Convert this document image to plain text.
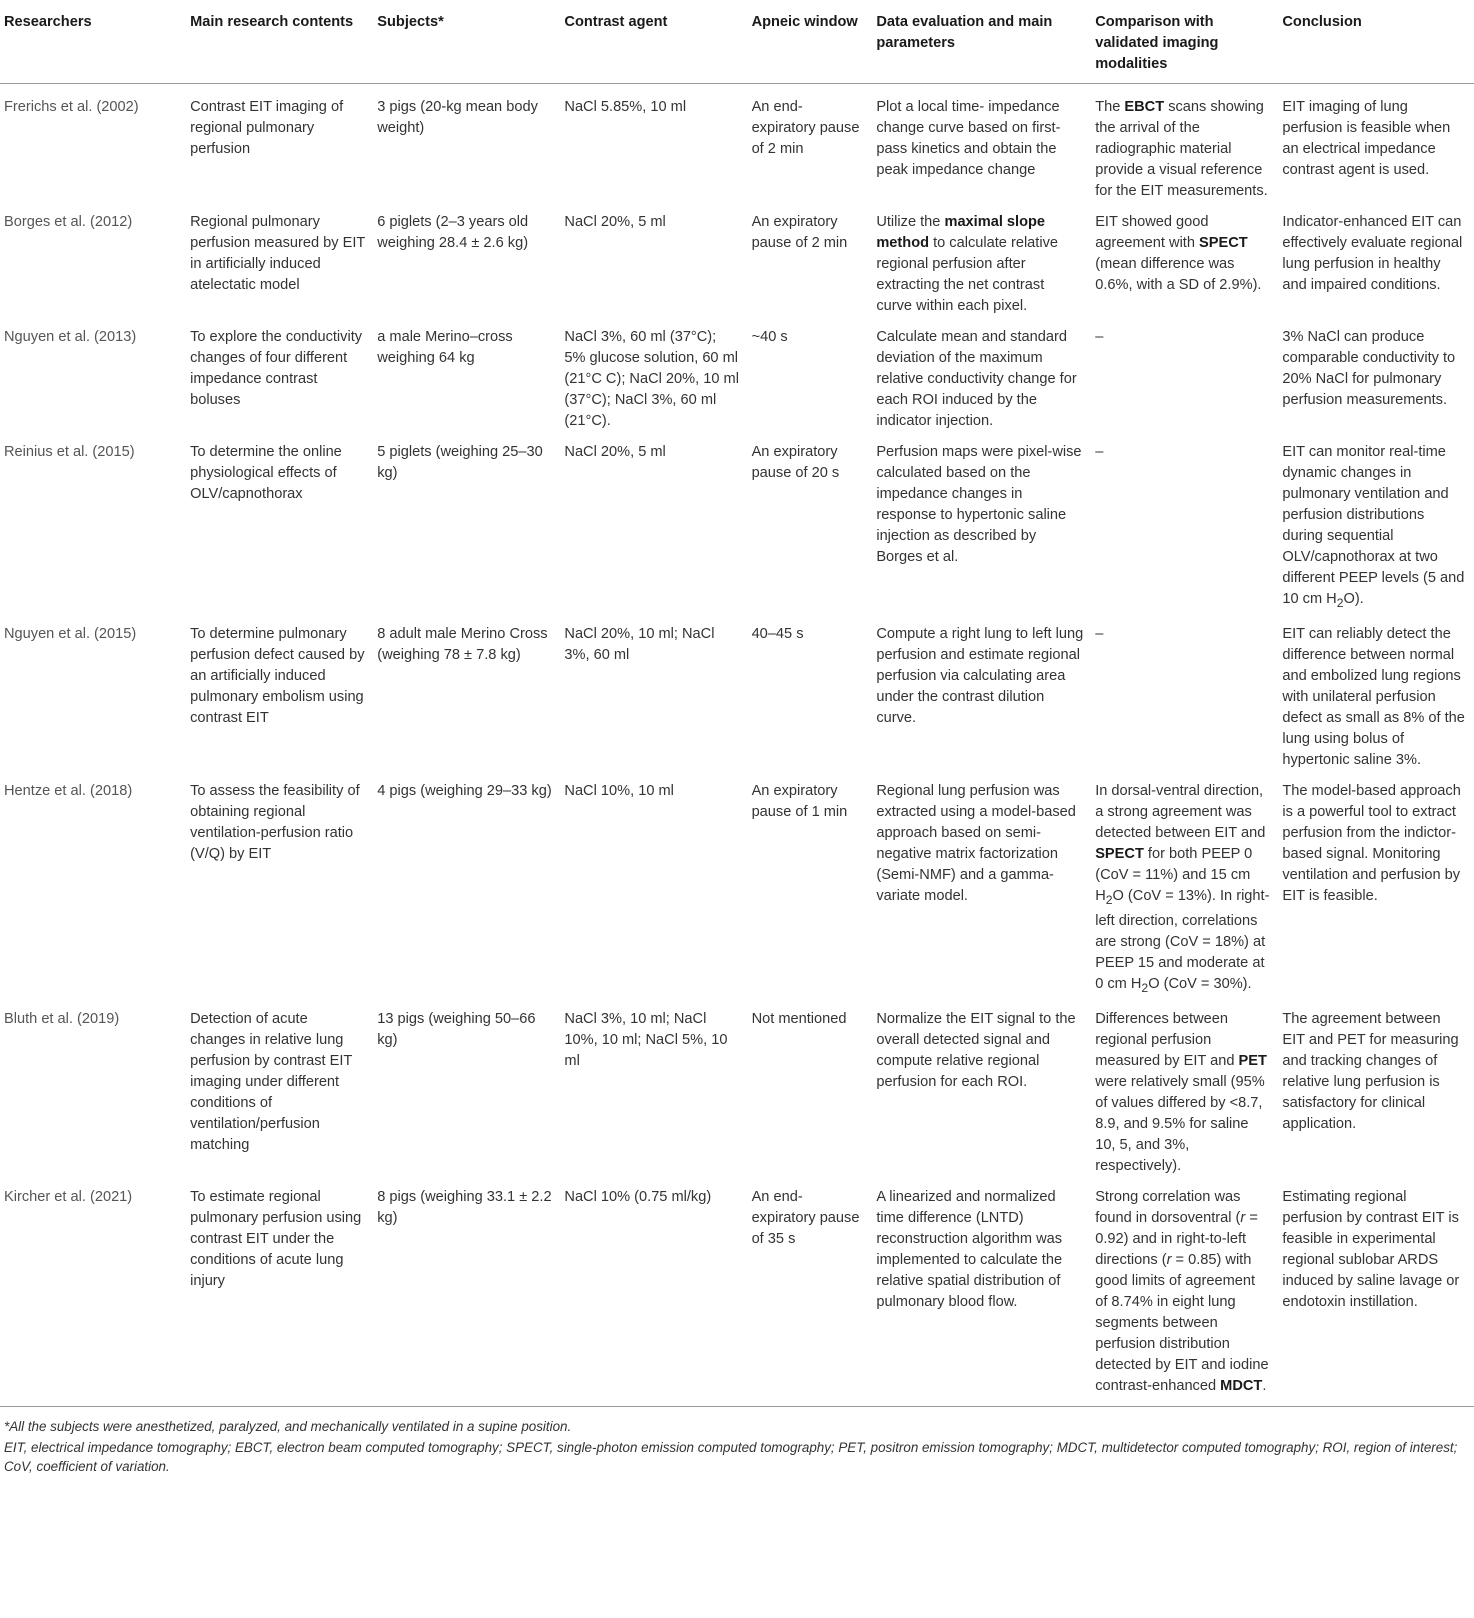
Researchers	Main research contents	Subjects*	Contrast agent	Apneic window	Data evaluation and main parameters	Comparison with validated imaging modalities	Conclusion
Frerichs et al. (2002)	Contrast EIT imaging of regional pulmonary perfusion	3 pigs (20-kg mean body weight)	NaCl 5.85%, 10 ml	An end-expiratory pause of 2 min	Plot a local time- impedance change curve based on first-pass kinetics and obtain the peak impedance change	The EBCT scans showing the arrival of the radiographic material provide a visual reference for the EIT measurements.	EIT imaging of lung perfusion is feasible when an electrical impedance contrast agent is used.
Borges et al. (2012)	Regional pulmonary perfusion measured by EIT in artificially induced atelectatic model	6 piglets (2–3 years old weighing 28.4 ± 2.6 kg)	NaCl 20%, 5 ml	An expiratory pause of 2 min	Utilize the maximal slope method to calculate relative regional perfusion after extracting the net contrast curve within each pixel.	EIT showed good agreement with SPECT (mean difference was 0.6%, with a SD of 2.9%).	Indicator-enhanced EIT can effectively evaluate regional lung perfusion in healthy and impaired conditions.
Nguyen et al. (2013)	To explore the conductivity changes of four different impedance contrast boluses	a male Merino–cross weighing 64 kg	NaCl 3%, 60 ml (37°C); 5% glucose solution, 60 ml (21°C C); NaCl 20%, 10 ml (37°C); NaCl 3%, 60 ml (21°C).	~40 s	Calculate mean and standard deviation of the maximum relative conductivity change for each ROI induced by the indicator injection.	–	3% NaCl can produce comparable conductivity to 20% NaCl for pulmonary perfusion measurements.
Reinius et al. (2015)	To determine the online physiological effects of OLV/capnothorax	5 piglets (weighing 25–30 kg)	NaCl 20%, 5 ml	An expiratory pause of 20 s	Perfusion maps were pixel-wise calculated based on the impedance changes in response to hypertonic saline injection as described by Borges et al.	–	EIT can monitor real-time dynamic changes in pulmonary ventilation and perfusion distributions during sequential OLV/capnothorax at two different PEEP levels (5 and 10 cm $H_2O$).
Nguyen et al. (2015)	To determine pulmonary perfusion defect caused by an artificially induced pulmonary embolism using contrast EIT	8 adult male Merino Cross (weighing 78 ± 7.8 kg)	NaCl 20%, 10 ml; NaCl 3%, 60 ml	40–45 s	Compute a right lung to left lung perfusion and estimate regional perfusion via calculating area under the contrast dilution curve.	–	EIT can reliably detect the difference between normal and embolized lung regions with unilateral perfusion defect as small as 8% of the lung using bolus of hypertonic saline 3%.
Hentze et al. (2018)	To assess the feasibility of obtaining regional ventilation-perfusion ratio (V/Q) by EIT	4 pigs (weighing 29–33 kg)	NaCl 10%, 10 ml	An expiratory pause of 1 min	Regional lung perfusion was extracted using a model-based approach based on semi-negative matrix factorization (Semi-NMF) and a gamma-variate model.	In dorsal-ventral direction, a strong agreement was detected between EIT and SPECT for both PEEP 0 (CoV = 11%) and 15 cm $H_2O$ (CoV = 13%). In right-left direction, correlations are strong (CoV = 18%) at PEEP 15 and moderate at 0 cm $H_2O$ (CoV = 30%).	The model-based approach is a powerful tool to extract perfusion from the indictor-based signal. Monitoring ventilation and perfusion by EIT is feasible.
Bluth et al. (2019)	Detection of acute changes in relative lung perfusion by contrast EIT imaging under different conditions of ventilation/perfusion matching	13 pigs (weighing 50–66 kg)	NaCl 3%, 10 ml; NaCl 10%, 10 ml; NaCl 5%, 10 ml	Not mentioned	Normalize the EIT signal to the overall detected signal and compute relative regional perfusion for each ROI.	Differences between regional perfusion measured by EIT and PET were relatively small (95% of values differed by <8.7, 8.9, and 9.5% for saline 10, 5, and 3%, respectively).	The agreement between EIT and PET for measuring and tracking changes of relative lung perfusion is satisfactory for clinical application.
Kircher et al. (2021)	To estimate regional pulmonary perfusion using contrast EIT under the conditions of acute lung injury	8 pigs (weighing 33.1 ± 2.2 kg)	NaCl 10% (0.75 ml/kg)	An end-expiratory pause of 35 s	A linearized and normalized time difference (LNTD) reconstruction algorithm was implemented to calculate the relative spatial distribution of pulmonary blood flow.	Strong correlation was found in dorsoventral (r = 0.92) and in right-to-left directions (r = 0.85) with good limits of agreement of 8.74% in eight lung segments between perfusion distribution detected by EIT and iodine contrast-enhanced MDCT.	Estimating regional perfusion by contrast EIT is feasible in experimental regional sublobar ARDS induced by saline lavage or endotoxin instillation.

*All the subjects were anesthetized, paralyzed, and mechanically ventilated in a supine position.

EIT, electrical impedance tomography; EBCT, electron beam computed tomography; SPECT, single-photon emission computed tomography; PET, positron emission tomography; MDCT, multidetector computed tomography; ROI, region of interest; CoV, coefficient of variation.
